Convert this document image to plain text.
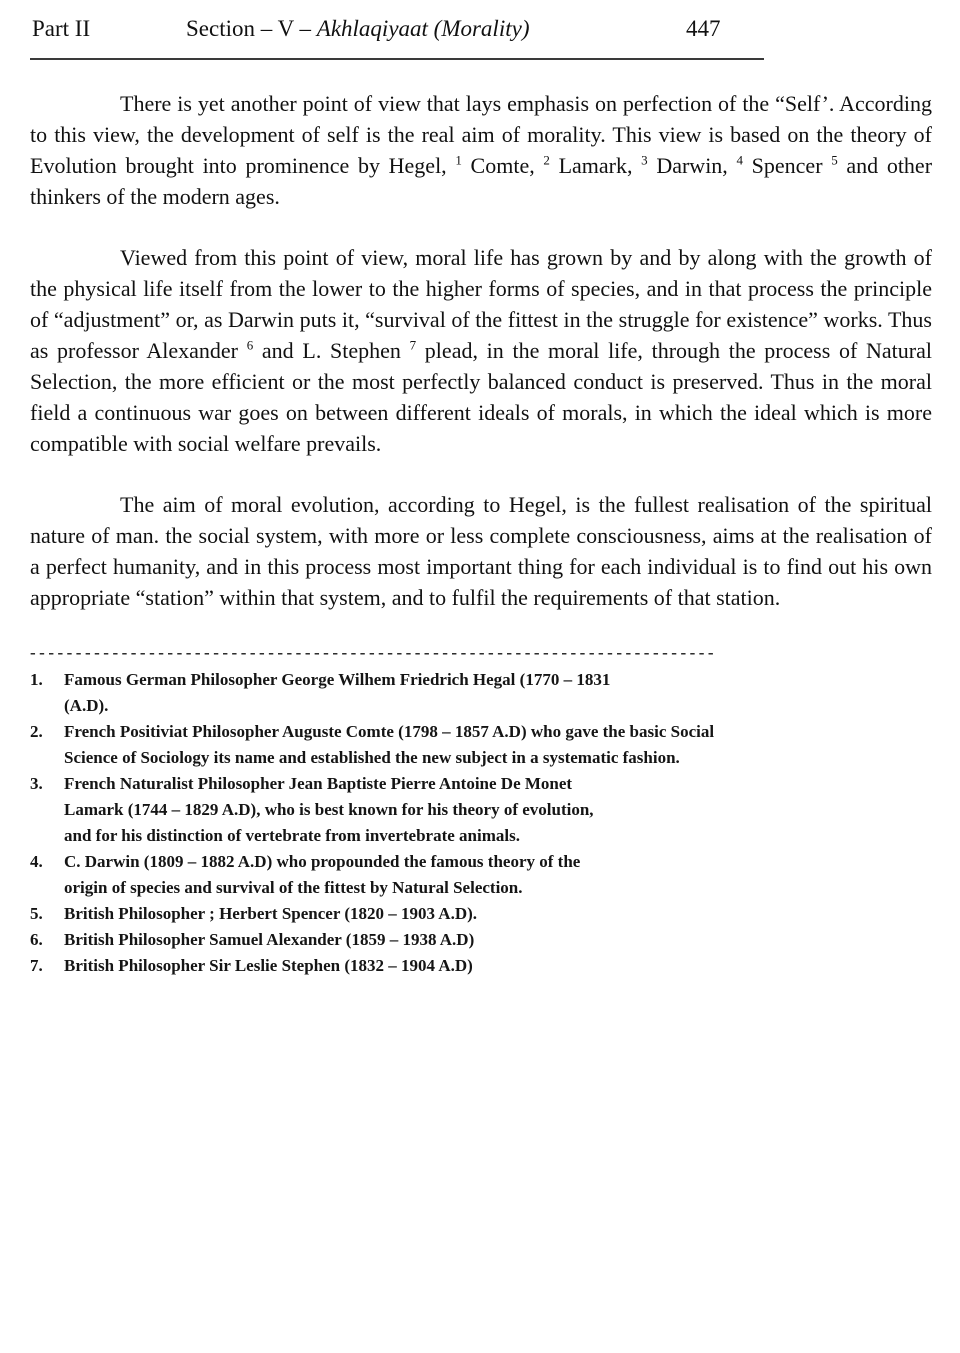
Part II	Section – V – Akhlaqiyaat (Morality)	447

There is yet another point of view that lays emphasis on perfection of the “Self’. According to this view, the development of self is the real aim of morality. This view is based on the theory of Evolution brought into prominence by Hegel, $^1$ Comte, $^2$ Lamark, $^3$ Darwin, $^4$ Spencer $^5$ and other thinkers of the modern ages.

Viewed from this point of view, moral life has grown by and by along with the growth of the physical life itself from the lower to the higher forms of species, and in that process the principle of “adjustment” or, as Darwin puts it, “survival of the fittest in the struggle for existence” works. Thus as professor Alexander $^6$ and L. Stephen $^7$ plead, in the moral life, through the process of Natural Selection, the more efficient or the most perfectly balanced conduct is preserved. Thus in the moral field a continuous war goes on between different ideals of morals, in which the ideal which is more compatible with social welfare prevails.

The aim of moral evolution, according to Hegel, is the fullest realisation of the spiritual nature of man. the social system, with more or less complete consciousness, aims at the realisation of a perfect humanity, and in this process most important thing for each individual is to find out his own appropriate “station” within that system, and to fulfil the requirements of that station.

---------------------------------------------------------------------------
1.	Famous German Philosopher George Wilhem Friedrich Hegal (1770 – 1831
(A.D).
2.	French Positiviat Philosopher Auguste Comte (1798 – 1857 A.D) who gave the basic Social
Science of Sociology its name and established the new subject in a systematic fashion.
3.	French Naturalist Philosopher Jean Baptiste Pierre Antoine De Monet
Lamark (1744 – 1829 A.D), who is best known for his theory of evolution,
and for his distinction of vertebrate from invertebrate animals.
4.	C. Darwin (1809 – 1882 A.D) who propounded the famous theory of the
origin of species and survival of the fittest by Natural Selection.
5.	British Philosopher ; Herbert Spencer (1820 – 1903 A.D).
6.	British Philosopher Samuel Alexander (1859 – 1938 A.D)
7.	British Philosopher Sir Leslie Stephen (1832 – 1904 A.D)
